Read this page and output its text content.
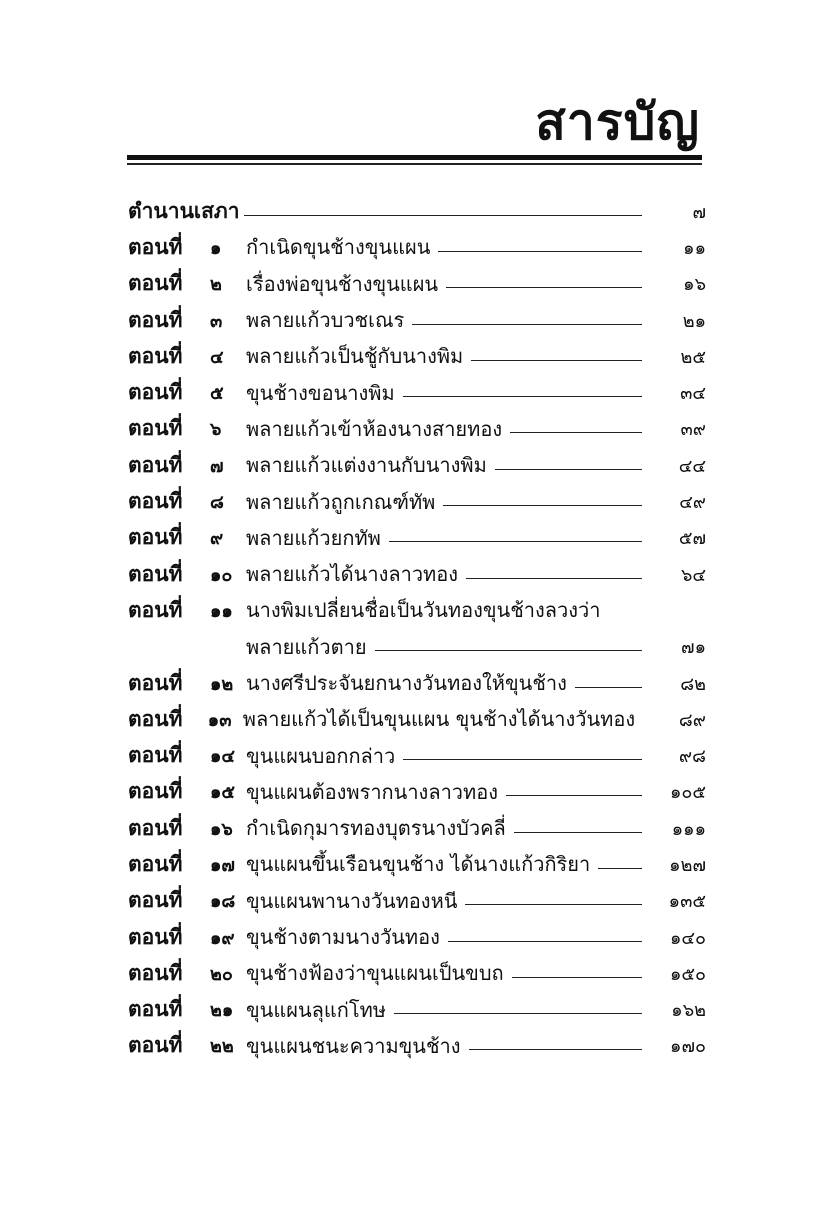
สารบัญ
ตำนานเสภา	๗
ตอนที่	๑	กำเนิดขุนช้างขุนแผน	๑๑
ตอนที่	๒	เรื่องพ่อขุนช้างขุนแผน	๑๖
ตอนที่	๓	พลายแก้วบวชเณร	๒๑
ตอนที่	๔	พลายแก้วเป็นชู้กับนางพิม	๒๕
ตอนที่	๕	ขุนช้างขอนางพิม	๓๔
ตอนที่	๖	พลายแก้วเข้าห้องนางสายทอง	๓๙
ตอนที่	๗	พลายแก้วแต่งงานกับนางพิม	๔๔
ตอนที่	๘	พลายแก้วถูกเกณฑ์ทัพ	๔๙
ตอนที่	๙	พลายแก้วยกทัพ	๕๗
ตอนที่	๑๐ พลายแก้วได้นางลาวทอง	๖๔
ตอนที่	๑๑ นางพิมเปลี่ยนชื่อเป็นวันทองขุนช้างลวงว่า
พลายแก้วตาย	๗๑
ตอนที่	๑๒ นางศรีประจันยกนางวันทองให้ขุนช้าง	๘๒
ตอนที่	๑๓ พลายแก้วได้เป็นขุนแผน ขุนช้างได้นางวันทอง	๘๙
ตอนที่	๑๔ ขุนแผนบอกกล่าว	๙๘
ตอนที่	๑๕ ขุนแผนต้องพรากนางลาวทอง	๑๐๕
ตอนที่	๑๖ กำเนิดกุมารทองบุตรนางบัวคลี่	๑๑๑
ตอนที่	๑๗ ขุนแผนขึ้นเรือนขุนช้าง ได้นางแก้วกิริยา	๑๒๗
ตอนที่	๑๘ ขุนแผนพานางวันทองหนี	๑๓๕
ตอนที่	๑๙ ขุนช้างตามนางวันทอง	๑๔๐
ตอนที่	๒๐ ขุนช้างฟ้องว่าขุนแผนเป็นขบถ	๑๕๐
ตอนที่	๒๑ ขุนแผนลุแก่โทษ	๑๖๒
ตอนที่	๒๒ ขุนแผนชนะความขุนช้าง	๑๗๐
